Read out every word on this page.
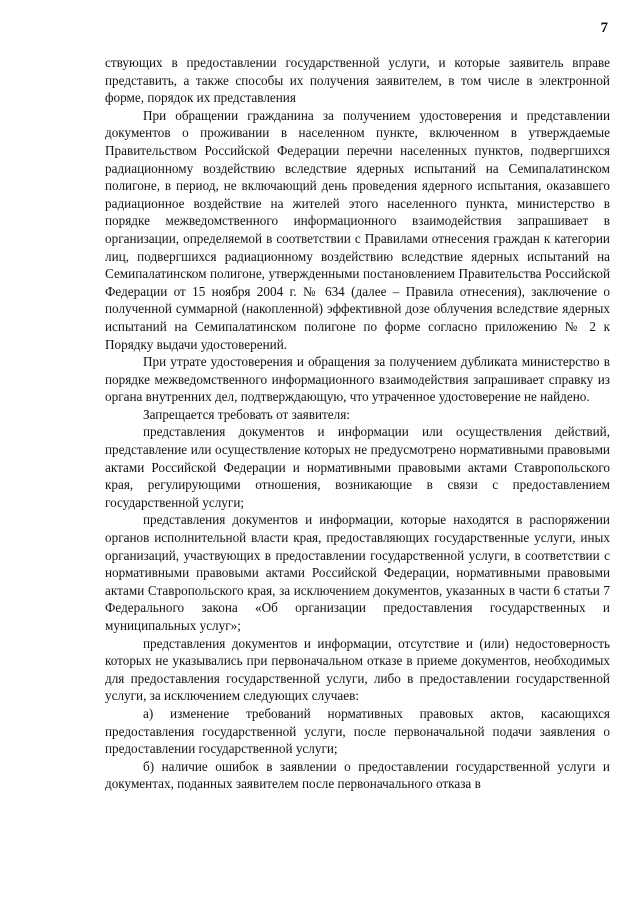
7

ствующих в предоставлении государственной услуги, и которые заявитель вправе представить, а также способы их получения заявителем, в том числе в электронной форме, порядок их представления

При обращении гражданина за получением удостоверения и представлении документов о проживании в населенном пункте, включенном в утверждаемые Правительством Российской Федерации перечни населенных пунктов, подвергшихся радиационному воздействию вследствие ядерных испытаний на Семипалатинском полигоне, в период, не включающий день проведения ядерного испытания, оказавшего радиационное воздействие на жителей этого населенного пункта, министерство в порядке межведомственного информационного взаимодействия запрашивает в организации, определяемой в соответствии с Правилами отнесения граждан к категории лиц, подвергшихся радиационному воздействию вследствие ядерных испытаний на Семипалатинском полигоне, утвержденными постановлением Правительства Российской Федерации от 15 ноября 2004 г. № 634 (далее – Правила отнесения), заключение о полученной суммарной (накопленной) эффективной дозе облучения вследствие ядерных испытаний на Семипалатинском полигоне по форме согласно приложению № 2 к Порядку выдачи удостоверений.

При утрате удостоверения и обращения за получением дубликата министерство в порядке межведомственного информационного взаимодействия запрашивает справку из органа внутренних дел, подтверждающую, что утраченное удостоверение не найдено.

Запрещается требовать от заявителя:

представления документов и информации или осуществления действий, представление или осуществление которых не предусмотрено нормативными правовыми актами Российской Федерации и нормативными правовыми актами Ставропольского края, регулирующими отношения, возникающие в связи с предоставлением государственной услуги;

представления документов и информации, которые находятся в распоряжении органов исполнительной власти края, предоставляющих государственные услуги, иных организаций, участвующих в предоставлении государственной услуги, в соответствии с нормативными правовыми актами Российской Федерации, нормативными правовыми актами Ставропольского края, за исключением документов, указанных в части 6 статьи 7 Федерального закона «Об организации предоставления государственных и муниципальных услуг»;

представления документов и информации, отсутствие и (или) недостоверность которых не указывались при первоначальном отказе в приеме документов, необходимых для предоставления государственной услуги, либо в предоставлении государственной услуги, за исключением следующих случаев:

а) изменение требований нормативных правовых актов, касающихся предоставления государственной услуги, после первоначальной подачи заявления о предоставлении государственной услуги;

б) наличие ошибок в заявлении о предоставлении государственной услуги и документах, поданных заявителем после первоначального отказа в
